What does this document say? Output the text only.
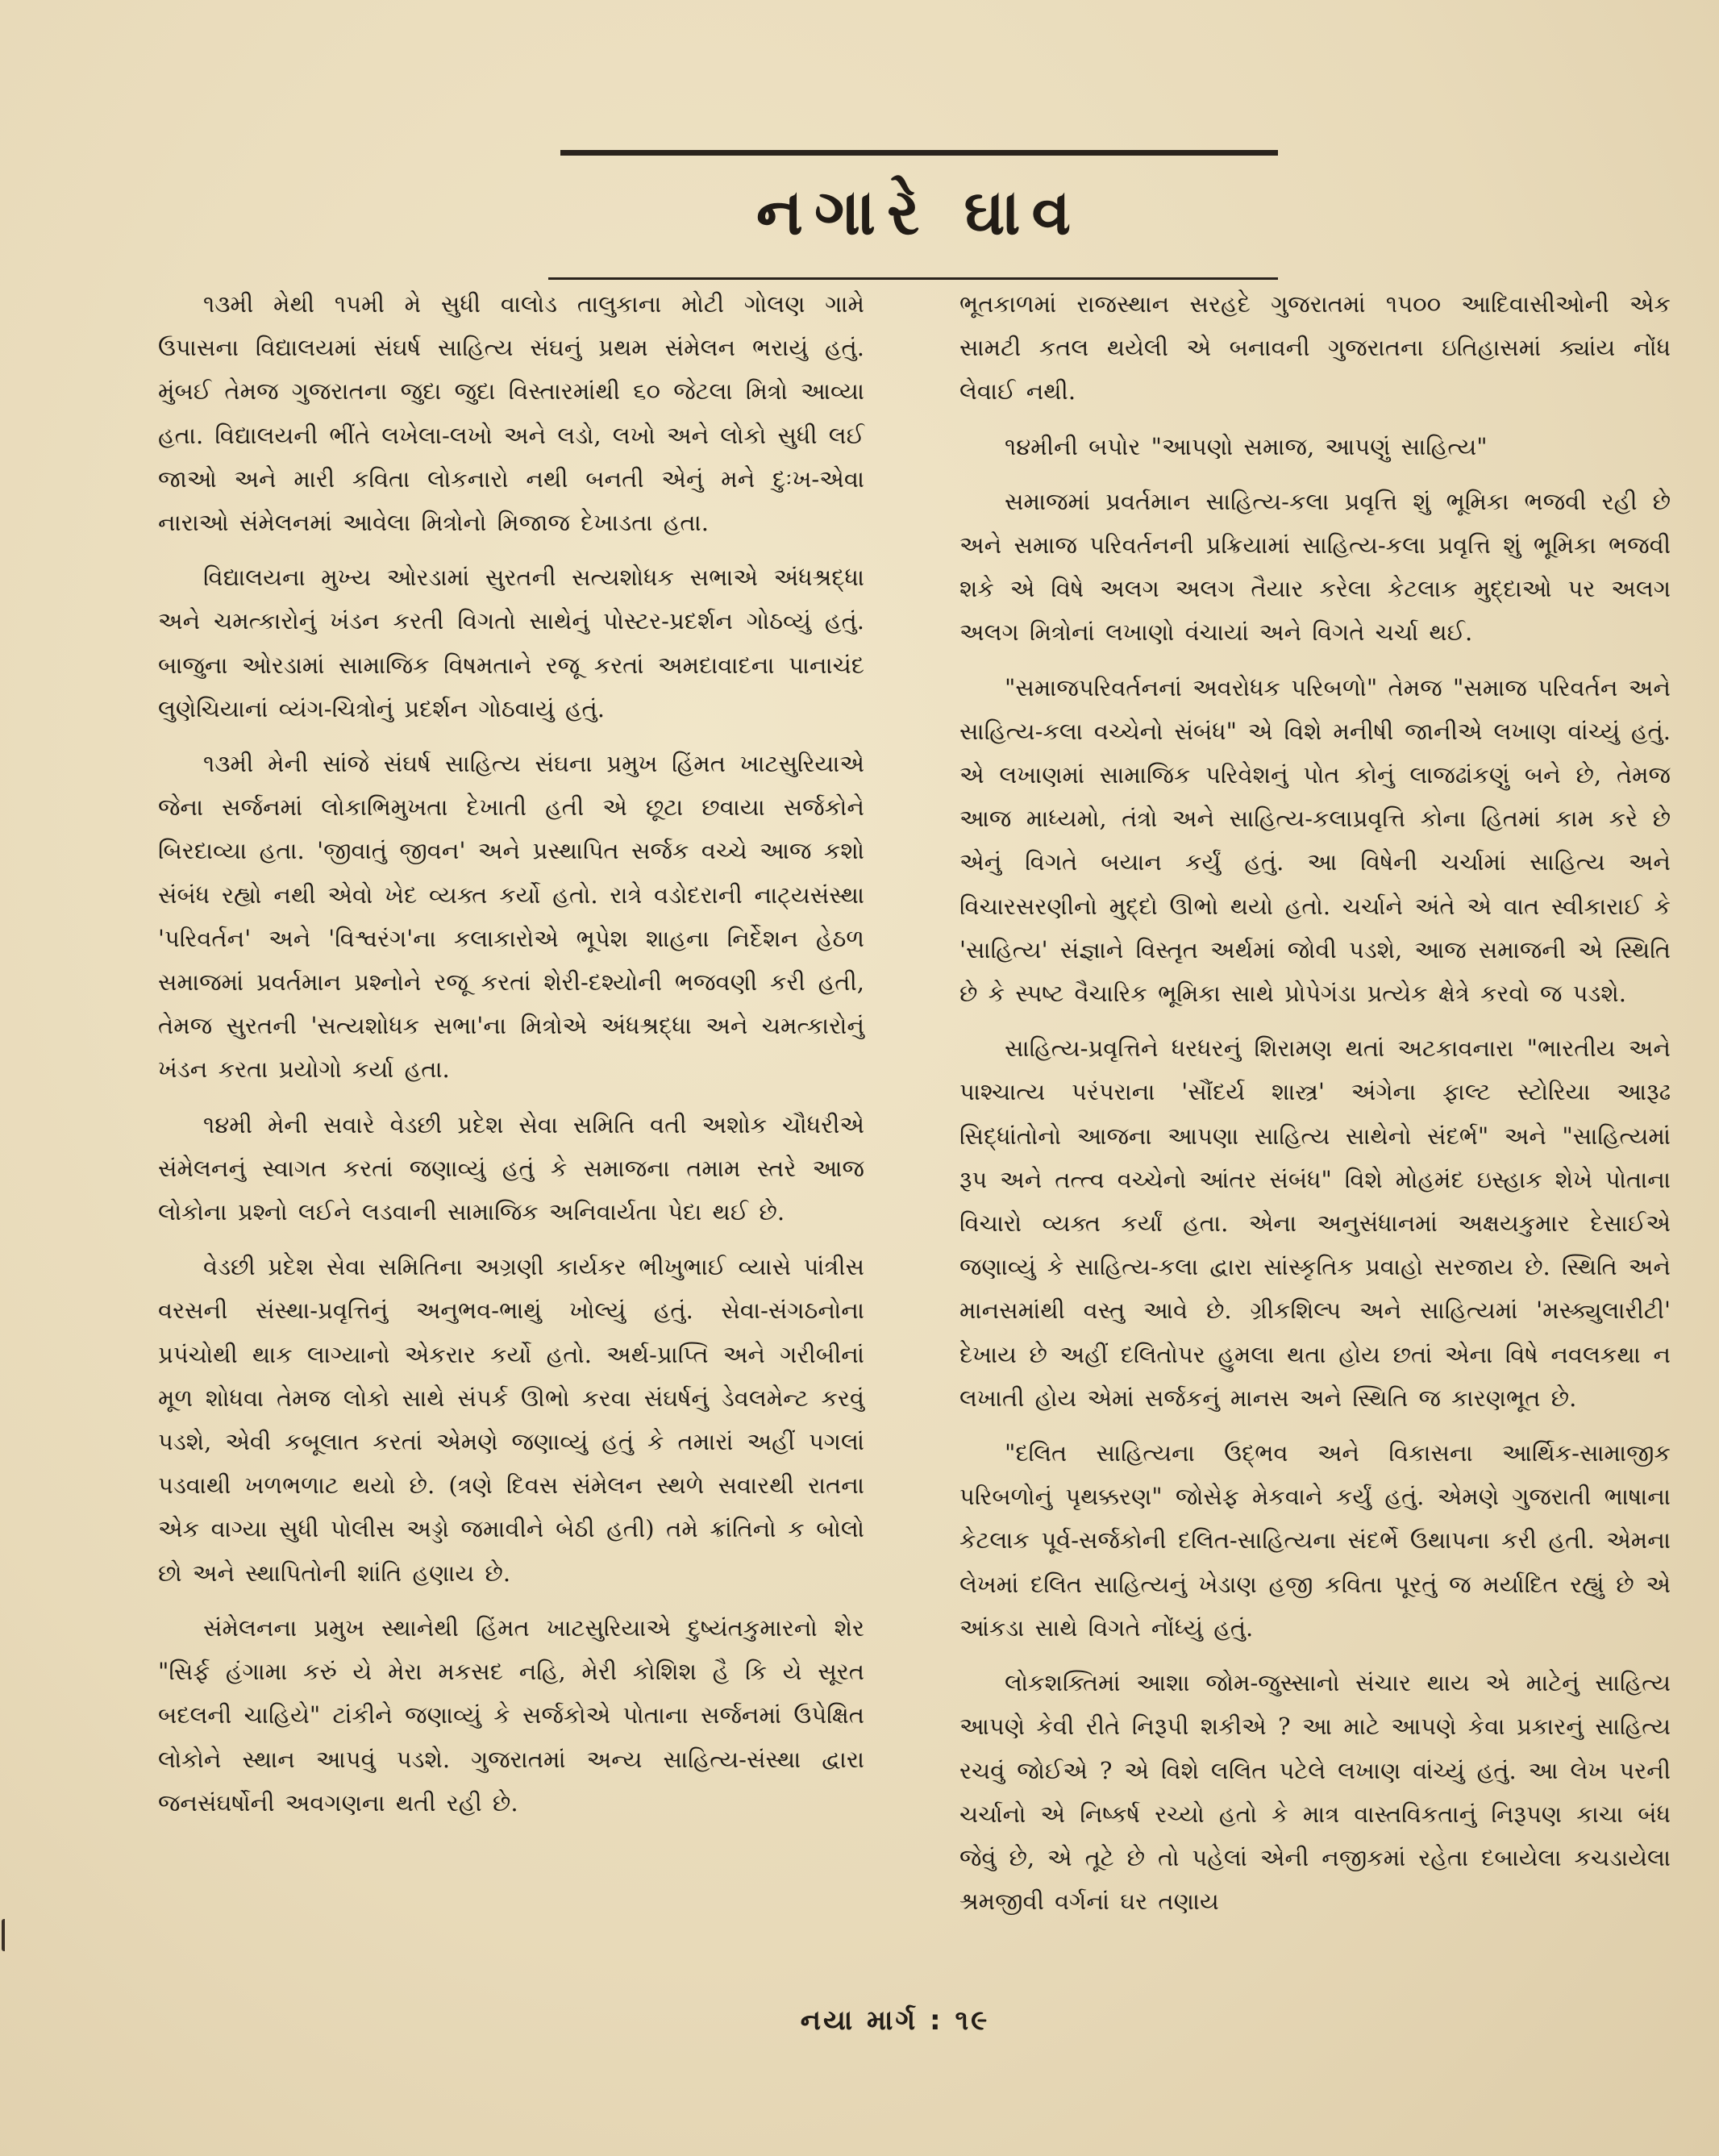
નગારે ઘાવ

૧૩મી મેથી ૧૫મી મે સુધી વાલોડ તાલુકાના મોટી ગોલણ ગામે ઉપાસના વિદ્યાલયમાં સંઘર્ષ સાહિત્ય સંઘનું પ્રથમ સંમેલન ભરાયું હતું. મુંબઈ તેમજ ગુજરાતના જુદા જુદા વિસ્તારમાંથી ૬૦ જેટલા મિત્રો આવ્યા હતા. વિદ્યાલયની ભીંતે લખેલા-લખો અને લડો, લખો અને લોકો સુધી લઈ જાઓ અને મારી કવિતા લોકનારો નથી બનતી એનું મને દુઃખ-એવા નારાઓ સંમેલનમાં આવેલા મિત્રોનો મિજાજ દેખાડતા હતા.

વિદ્યાલયના મુખ્ય ઓરડામાં સુરતની સત્યશોધક સભાએ અંધશ્રદ્ધા અને ચમત્કારોનું ખંડન કરતી વિગતો સાથેનું પોસ્ટર-પ્રદર્શન ગોઠવ્યું હતું. બાજુના ઓરડામાં સામાજિક વિષમતાને રજૂ કરતાં અમદાવાદના પાનાચંદ લુણેચિયાનાં વ્યંગ-ચિત્રોનું પ્રદર્શન ગોઠવાયું હતું.

૧૩મી મેની સાંજે સંઘર્ષ સાહિત્ય સંઘના પ્રમુખ હિંમત ખાટસુરિયાએ જેના સર્જનમાં લોકાભિમુખતા દેખાતી હતી એ છૂટા છવાયા સર્જકોને બિરદાવ્યા હતા. 'જીવાતું જીવન' અને પ્રસ્થાપિત સર્જક વચ્ચે આજ કશો સંબંધ રહ્યો નથી એવો ખેદ વ્યક્ત કર્યો હતો. રાત્રે વડોદરાની નાટ્યસંસ્થા 'પરિવર્તન' અને 'વિશ્વરંગ'ના કલાકારોએ ભૂપેશ શાહના નિર્દેશન હેઠળ સમાજમાં પ્રવર્તમાન પ્રશ્નોને રજૂ કરતાં શેરી-દશ્યોની ભજવણી કરી હતી, તેમજ સુરતની 'સત્યશોધક સભા'ના મિત્રોએ અંધશ્રદ્ધા અને ચમત્કારોનું ખંડન કરતા પ્રયોગો કર્યા હતા.

૧૪મી મેની સવારે વેડછી પ્રદેશ સેવા સમિતિ વતી અશોક ચૌધરીએ સંમેલનનું સ્વાગત કરતાં જણાવ્યું હતું કે સમાજના તમામ સ્તરે આજ લોકોના પ્રશ્નો લઈને લડવાની સામાજિક અનિવાર્યતા પેદા થઈ છે.

વેડછી પ્રદેશ સેવા સમિતિના અગ્રણી કાર્યકર ભીખુભાઈ વ્યાસે પાંત્રીસ વરસની સંસ્થા-પ્રવૃત્તિનું અનુભવ-ભાથું ખોલ્યું હતું. સેવા-સંગઠનોના પ્રપંચોથી થાક લાગ્યાનો એકરાર કર્યો હતો. અર્થ-પ્રાપ્તિ અને ગરીબીનાં મૂળ શોધવા તેમજ લોકો સાથે સંપર્ક ઊભો કરવા સંઘર્ષનું ડેવલમેન્ટ કરવું પડશે, એવી કબૂલાત કરતાં એમણે જણાવ્યું હતું કે તમારાં અહીં પગલાં પડવાથી ખળભળાટ થયો છે. (ત્રણે દિવસ સંમેલન સ્થળે સવારથી રાતના એક વાગ્યા સુધી પોલીસ અડ્ડો જમાવીને બેઠી હતી) તમે ક્રાંતિનો ક બોલો છો અને સ્થાપિતોની શાંતિ હણાય છે.

સંમેલનના પ્રમુખ સ્થાનેથી હિંમત ખાટસુરિયાએ દુષ્યંતકુમારનો શેર "સિર્ફ હંગામા કરું યે મેરા મકસદ નહિ, મેરી કોશિશ હૈ કિ યે સૂરત બદલની ચાહિયે" ટાંકીને જણાવ્યું કે સર્જકોએ પોતાના સર્જનમાં ઉપેક્ષિત લોકોને સ્થાન આપવું પડશે. ગુજરાતમાં અન્ય સાહિત્ય-સંસ્થા દ્વારા જનસંઘર્ષોની અવગણના થતી રહી છે.

ભૂતકાળમાં રાજસ્થાન સરહદે ગુજરાતમાં ૧૫૦૦ આદિવાસીઓની એક સામટી કતલ થયેલી એ બનાવની ગુજરાતના ઇતિહાસમાં ક્યાંય નોંધ લેવાઈ નથી.

૧૪મીની બપોર "આપણો સમાજ, આપણું સાહિત્ય"

સમાજમાં પ્રવર્તમાન સાહિત્ય-કલા પ્રવૃત્તિ શું ભૂમિકા ભજવી રહી છે અને સમાજ પરિવર્તનની પ્રક્રિયામાં સાહિત્ય-કલા પ્રવૃત્તિ શું ભૂમિકા ભજવી શકે એ વિષે અલગ અલગ તૈયાર કરેલા કેટલાક મુદ્દાઓ પર અલગ અલગ મિત્રોનાં લખાણો વંચાયાં અને વિગતે ચર્ચા થઈ.

"સમાજપરિવર્તનનાં અવરોધક પરિબળો" તેમજ "સમાજ પરિવર્તન અને સાહિત્ય-કલા વચ્ચેનો સંબંધ" એ વિશે મનીષી જાનીએ લખાણ વાંચ્યું હતું. એ લખાણમાં સામાજિક પરિવેશનું પોત કોનું લાજઢાંકણું બને છે, તેમજ આજ માધ્યમો, તંત્રો અને સાહિત્ય-કલાપ્રવૃત્તિ કોના હિતમાં કામ કરે છે એનું વિગતે બયાન કર્યું હતું. આ વિષેની ચર્ચામાં સાહિત્ય અને વિચારસરણીનો મુદ્દો ઊભો થયો હતો. ચર્ચાને અંતે એ વાત સ્વીકારાઈ કે 'સાહિત્ય' સંજ્ઞાને વિસ્તૃત અર્થમાં જોવી પડશે, આજ સમાજની એ સ્થિતિ છે કે સ્પષ્ટ વૈચારિક ભૂમિકા સાથે પ્રોપેગંડા પ્રત્યેક ક્ષેત્રે કરવો જ પડશે.

સાહિત્ય-પ્રવૃત્તિને ધરધરનું શિરામણ થતાં અટકાવનારા "ભારતીય અને પાશ્ચાત્ય પરંપરાના 'સૌંદર્ય શાસ્ત્ર' અંગેના ફાલ્ટ સ્ટોરિયા આરૂઢ સિદ્ધાંતોનો આજના આપણા સાહિત્ય સાથેનો સંદર્ભ" અને "સાહિત્યમાં રૂપ અને તત્ત્વ વચ્ચેનો આંતર સંબંધ" વિશે મોહમંદ ઇસ્હાક શેખે પોતાના વિચારો વ્યક્ત કર્યાં હતા. એના અનુસંધાનમાં અક્ષયકુમાર દેસાઈએ જણાવ્યું કે સાહિત્ય-કલા દ્વારા સાંસ્કૃતિક પ્રવાહો સરજાય છે. સ્થિતિ અને માનસમાંથી વસ્તુ આવે છે. ગ્રીકશિલ્પ અને સાહિત્યમાં 'મસ્ક્યુલારીટી' દેખાય છે અહીં દલિતોપર હુમલા થતા હોય છતાં એના વિષે નવલકથા ન લખાતી હોય એમાં સર્જકનું માનસ અને સ્થિતિ જ કારણભૂત છે.

"દલિત સાહિત્યના ઉદ્ભવ અને વિકાસના આર્થિક-સામાજીક પરિબળોનું પૃથક્કરણ" જોસેફ મેકવાને કર્યું હતું. એમણે ગુજરાતી ભાષાના કેટલાક પૂર્વ-સર્જકોની દલિત-સાહિત્યના સંદર્ભે ઉથાપના કરી હતી. એમના લેખમાં દલિત સાહિત્યનું ખેડાણ હજી કવિતા પૂરતું જ મર્યાદિત રહ્યું છે એ આંકડા સાથે વિગતે નોંધ્યું હતું.

લોકશક્તિમાં આશા જોમ-જુસ્સાનો સંચાર થાય એ માટેનું સાહિત્ય આપણે કેવી રીતે નિરૂપી શકીએ ? આ માટે આપણે કેવા પ્રકારનું સાહિત્ય રચવું જોઈએ ? એ વિશે લલિત પટેલે લખાણ વાંચ્યું હતું. આ લેખ પરની ચર્ચાનો એ નિષ્કર્ષ રચ્યો હતો કે માત્ર વાસ્તવિકતાનું નિરૂપણ કાચા બંધ જેવું છે, એ તૂટે છે તો પહેલાં એની નજીકમાં રહેતા દબાયેલા કચડાયેલા શ્રમજીવી વર્ગનાં ઘર તણાય

નયા માર્ગ : ૧૯
